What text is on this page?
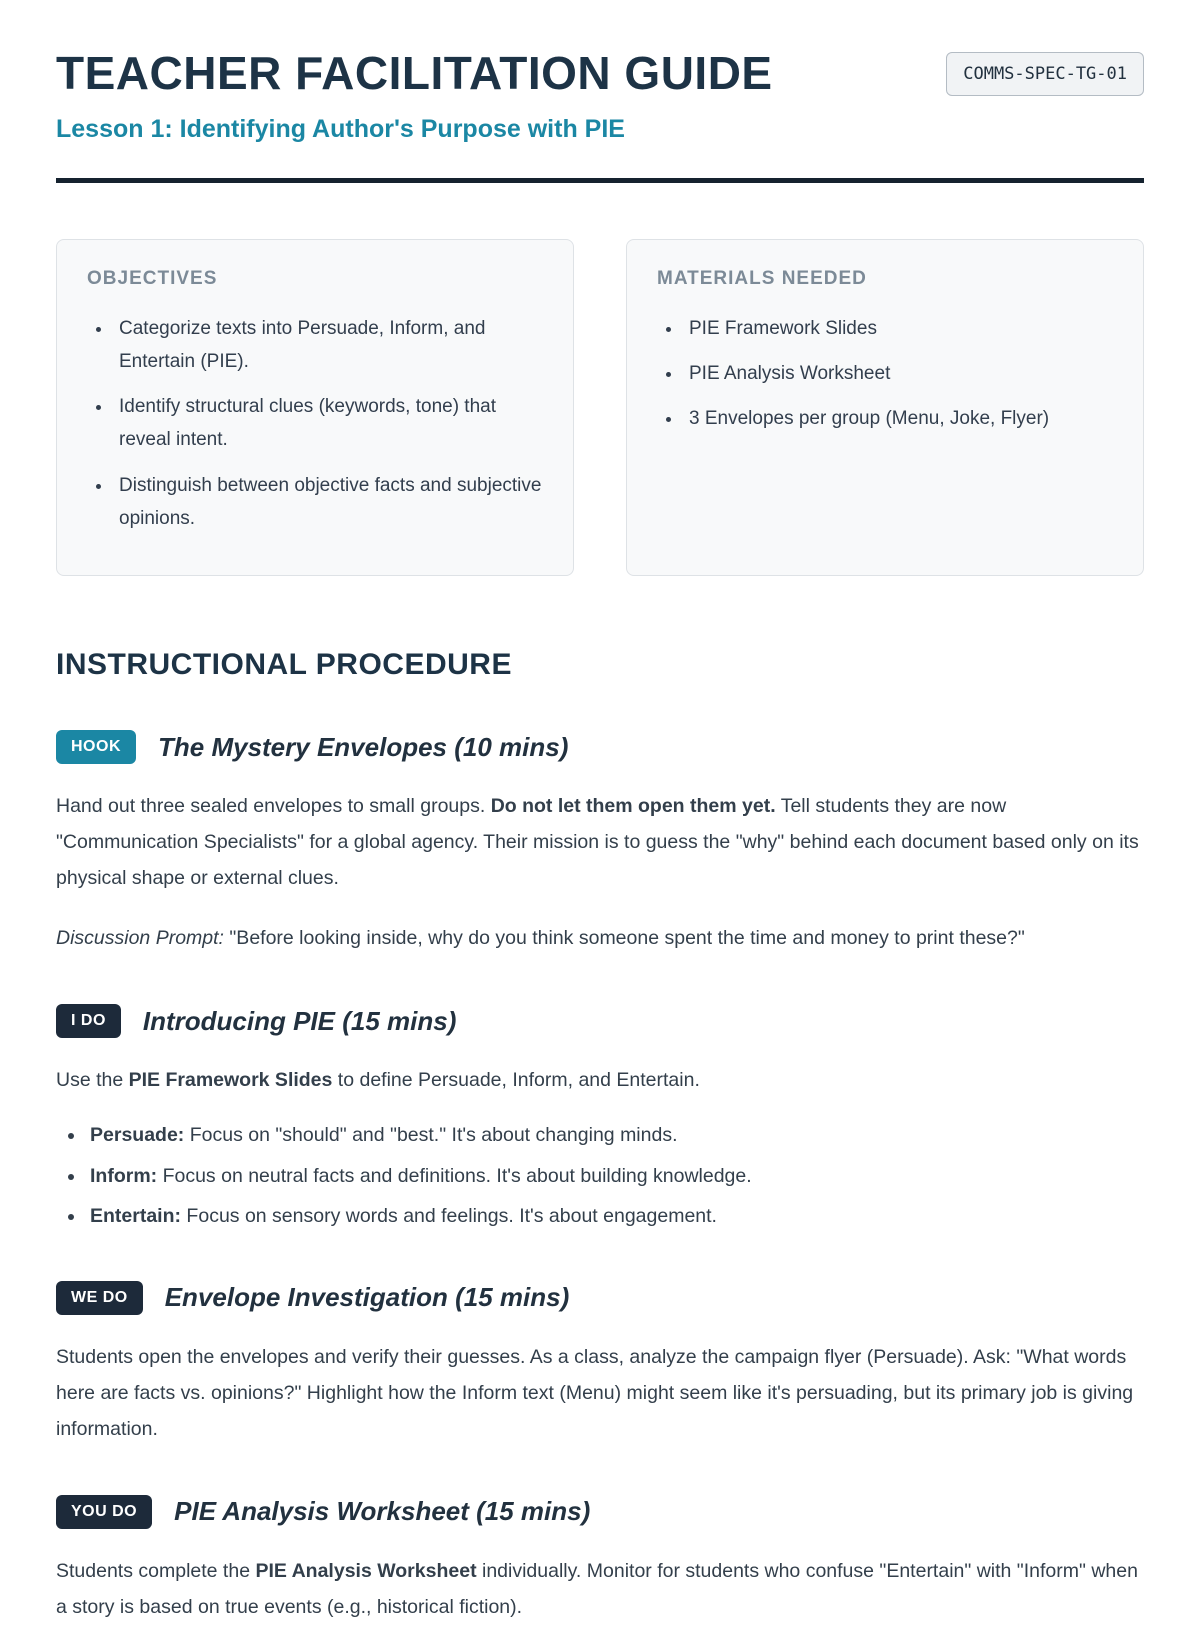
TEACHER FACILITATION GUIDE	COMMS-SPEC-TG-01
Lesson 1: Identifying Author's Purpose with PIE
OBJECTIVES
• Categorize texts into Persuade, Inform, and Entertain (PIE).
• Identify structural clues (keywords, tone) that reveal intent.
• Distinguish between objective facts and subjective opinions.
MATERIALS NEEDED
• PIE Framework Slides
• PIE Analysis Worksheet
• 3 Envelopes per group (Menu, Joke, Flyer)
INSTRUCTIONAL PROCEDURE
HOOK	The Mystery Envelopes (10 mins)

Hand out three sealed envelopes to small groups. Do not let them open them yet. Tell students they are now "Communication Specialists" for a global agency. Their mission is to guess the "why" behind each document based only on its physical shape or external clues.

Discussion Prompt: "Before looking inside, why do you think someone spent the time and money to print these?"

I DO	Introducing PIE (15 mins)

Use the PIE Framework Slides to define Persuade, Inform, and Entertain.

• Persuade: Focus on "should" and "best." It's about changing minds.
• Inform: Focus on neutral facts and definitions. It's about building knowledge.
• Entertain: Focus on sensory words and feelings. It's about engagement.
WE DO	Envelope Investigation (15 mins)

Students open the envelopes and verify their guesses. As a class, analyze the campaign flyer (Persuade). Ask: "What words here are facts vs. opinions?" Highlight how the Inform text (Menu) might seem like it's persuading, but its primary job is giving information.

YOU DO	PIE Analysis Worksheet (15 mins)

Students complete the PIE Analysis Worksheet individually. Monitor for students who confuse "Entertain" with "Inform" when a story is based on true events (e.g., historical fiction).
